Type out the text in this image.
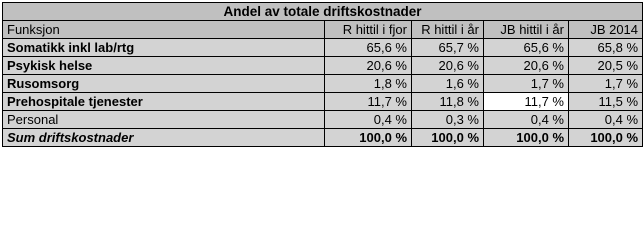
Andel av totale driftskostnader				
Funksjon	R hittil i fjor	R hittil i år	JB hittil i år	JB 2014
Somatikk inkl lab/rtg	65,6 %	65,7 %	65,6 %	65,8 %
Psykisk helse	20,6 %	20,6 %	20,6 %	20,5 %
Rusomsorg	1,8 %	1,6 %	1,7 %	1,7 %
Prehospitale tjenester	11,7 %	11,8 %	11,7 %	11,5 %
Personal	0,4 %	0,3 %	0,4 %	0,4 %
Sum driftskostnader	100,0 %	100,0 %	100,0 %	100,0 %
